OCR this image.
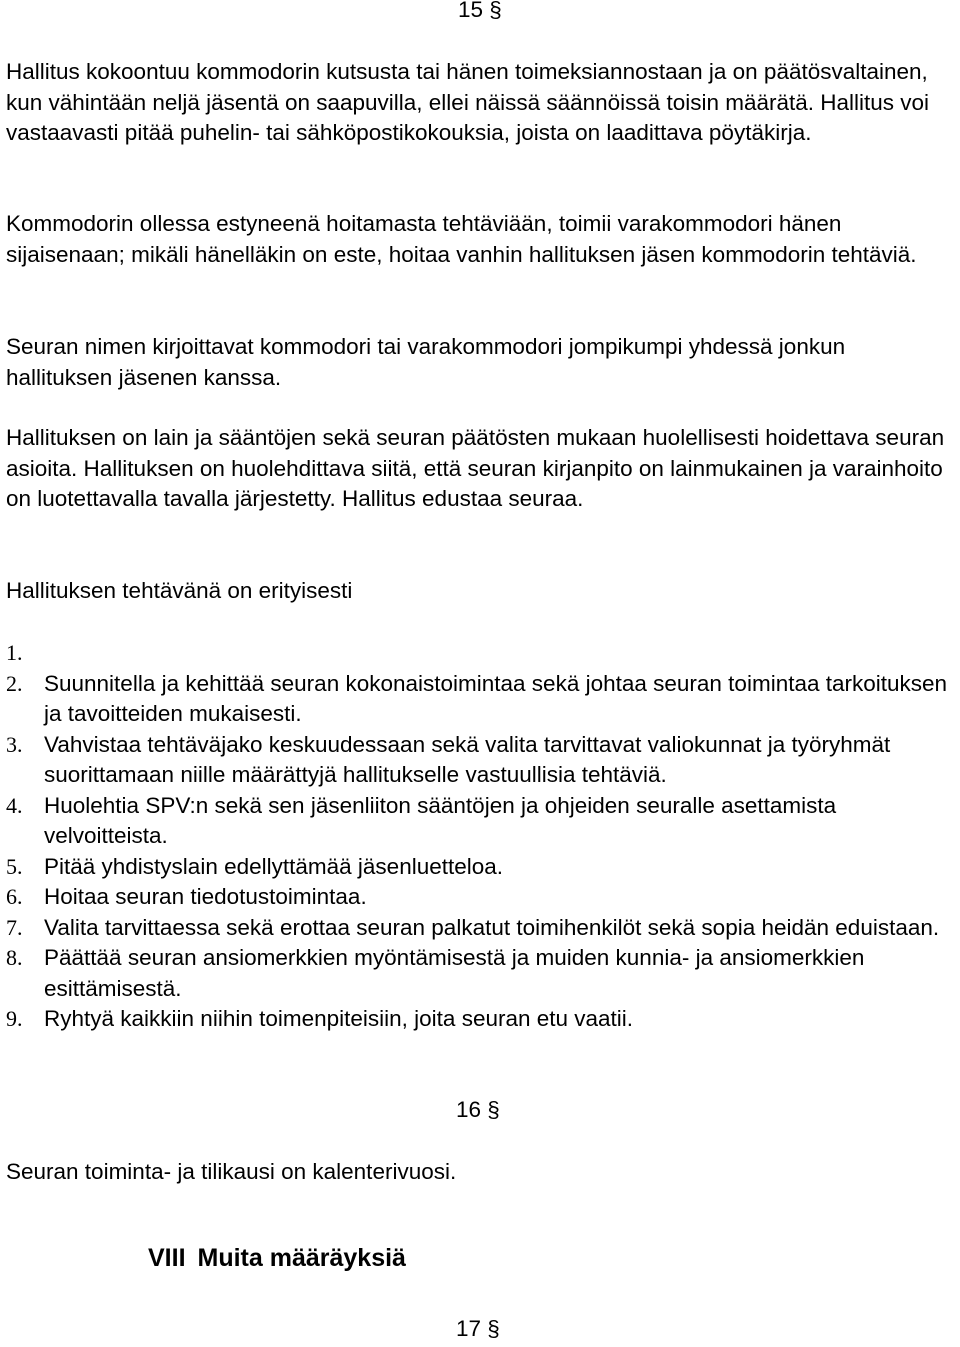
15 §

Hallitus kokoontuu kommodorin kutsusta tai hänen toimeksiannostaan ja on päätösvaltainen, kun vähintään neljä jäsentä on saapuvilla, ellei näissä säännöissä toisin määrätä. Hallitus voi vastaavasti pitää puhelin- tai sähköpostikokouksia, joista on laadittava pöytäkirja.

Kommodorin ollessa estyneenä hoitamasta tehtäviään, toimii varakommodori hänen sijaisenaan; mikäli hänelläkin on este, hoitaa vanhin hallituksen jäsen kommodorin tehtäviä.

Seuran nimen kirjoittavat kommodori tai varakommodori jompikumpi yhdessä jonkun hallituksen jäsenen kanssa.

Hallituksen on lain ja sääntöjen sekä seuran päätösten mukaan huolellisesti hoidettava seuran asioita. Hallituksen on huolehdittava siitä, että seuran kirjanpito on lainmukainen ja varainhoito on luotettavalla tavalla järjestetty. Hallitus edustaa seuraa.

Hallituksen tehtävänä on erityisesti

1.

2. Suunnitella ja kehittää seuran kokonaistoimintaa sekä johtaa seuran toimintaa tarkoituksen ja tavoitteiden mukaisesti.
3. Vahvistaa tehtäväjako keskuudessaan sekä valita tarvittavat valiokunnat ja työryhmät suorittamaan niille määrättyjä hallitukselle vastuullisia tehtäviä.
4. Huolehtia SPV:n sekä sen jäsenliiton sääntöjen ja ohjeiden seuralle asettamista velvoitteista.
5. Pitää yhdistyslain edellyttämää jäsenluetteloa.
6. Hoitaa seuran tiedotustoimintaa.
7. Valita tarvittaessa sekä erottaa seuran palkatut toimihenkilöt sekä sopia heidän eduistaan.
8. Päättää seuran ansiomerkkien myöntämisestä ja muiden kunnia- ja ansiomerkkien esittämisestä.
9. Ryhtyä kaikkiin niihin toimenpiteisiin, joita seuran etu vaatii.
16 §

Seuran toiminta- ja tilikausi on kalenterivuosi.

VIII Muita määräyksiä
17 §
